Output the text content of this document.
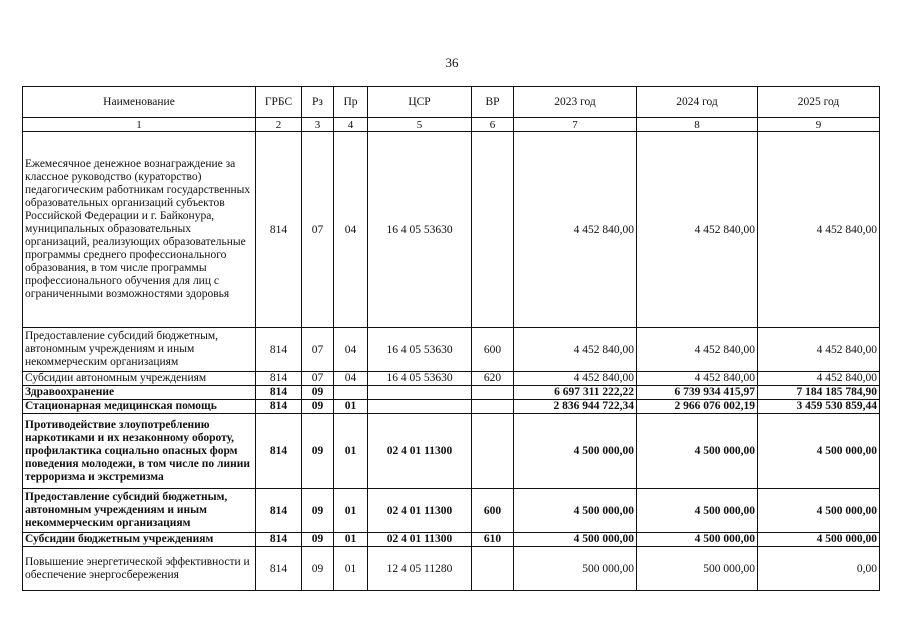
36
Наименование	ГРБС	Рз	Пр	ЦСР	ВР	2023 год	2024 год	2025 год
1	2	3	4	5	6	7	8	9
Ежемесячное денежное вознаграждение за классное руководство (кураторство) педагогическим работникам государственных образовательных организаций субъектов Российской Федерации и г. Байконура, муниципальных образовательных организаций, реализующих образовательные программы среднего профессионального образования, в том числе программы профессионального обучения для лиц с ограниченными возможностями здоровья	814	07	04	16 4 05 53630		4 452 840,00	4 452 840,00	4 452 840,00
Предоставление субсидий бюджетным, автономным учреждениям и иным некоммерческим организациям	814	07	04	16 4 05 53630	600	4 452 840,00	4 452 840,00	4 452 840,00
Субсидии автономным учреждениям	814	07	04	16 4 05 53630	620	4 452 840,00	4 452 840,00	4 452 840,00
Здравоохранение	814	09				6 697 311 222,22	6 739 934 415,97	7 184 185 784,90
Стационарная медицинская помощь	814	09	01			2 836 944 722,34	2 966 076 002,19	3 459 530 859,44
Противодействие злоупотреблению наркотиками и их незаконному обороту, профилактика социально опасных форм поведения молодежи, в том числе по линии терроризма и экстремизма	814	09	01	02 4 01 11300		4 500 000,00	4 500 000,00	4 500 000,00
Предоставление субсидий бюджетным, автономным учреждениям и иным некоммерческим организациям	814	09	01	02 4 01 11300	600	4 500 000,00	4 500 000,00	4 500 000,00
Субсидии бюджетным учреждениям	814	09	01	02 4 01 11300	610	4 500 000,00	4 500 000,00	4 500 000,00
Повышение энергетической эффективности и обеспечение энергосбережения	814	09	01	12 4 05 11280		500 000,00	500 000,00	0,00
